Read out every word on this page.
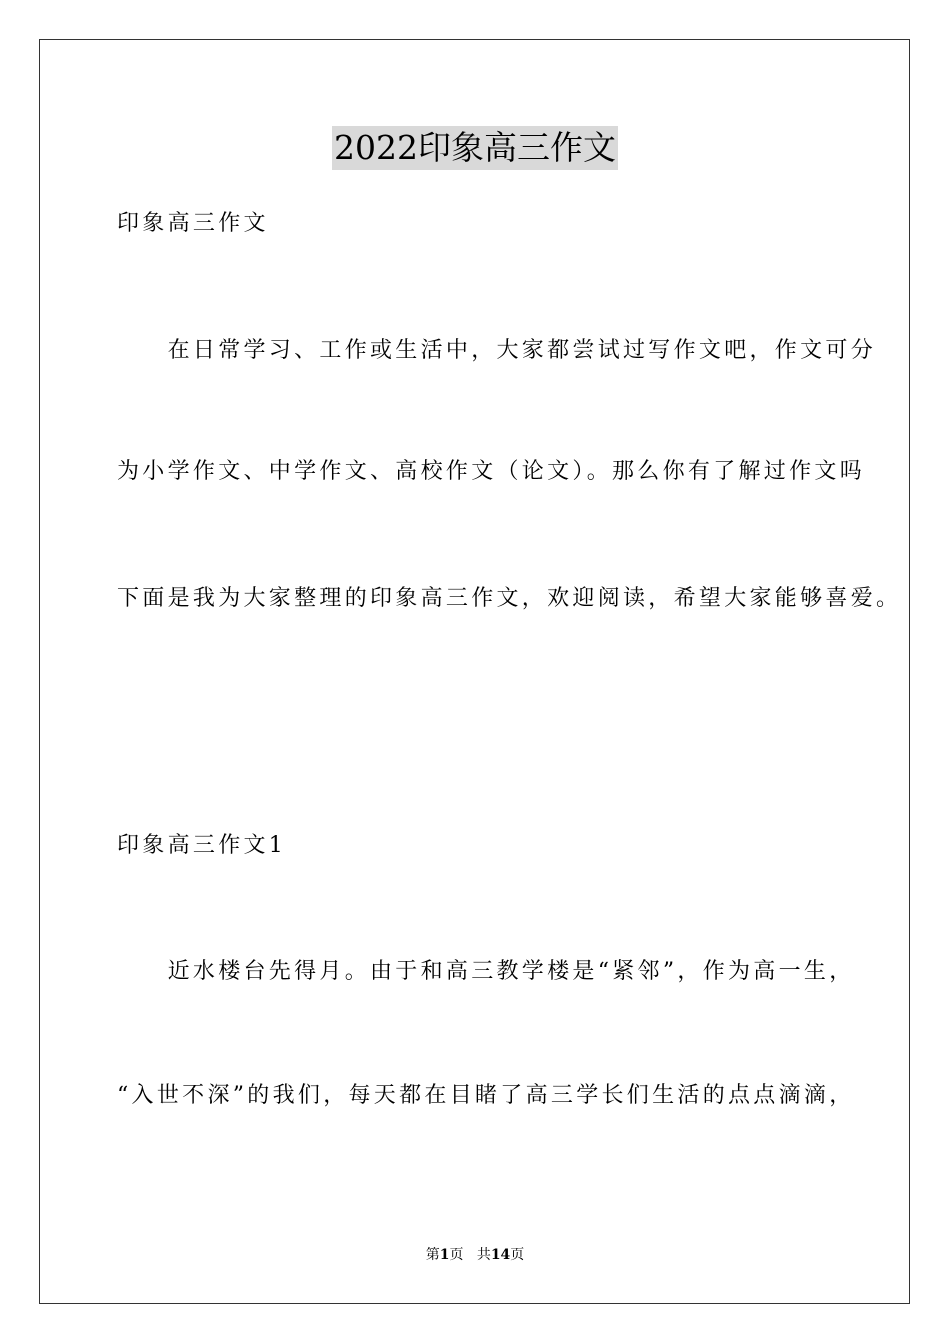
2022印象高三作文
印象高三作文
　　在日常学习、工作或生活中，大家都尝试过写作文吧，作文可分
为小学作文、中学作文、高校作文（论文）。那么你有了解过作文吗
下面是我为大家整理的印象高三作文，欢迎阅读，希望大家能够喜爱。
印象高三作文1
　　近水楼台先得月。由于和高三教学楼是“紧邻”，作为高一生，
“入世不深”的我们，每天都在目睹了高三学长们生活的点点滴滴，
第1页 共14页
